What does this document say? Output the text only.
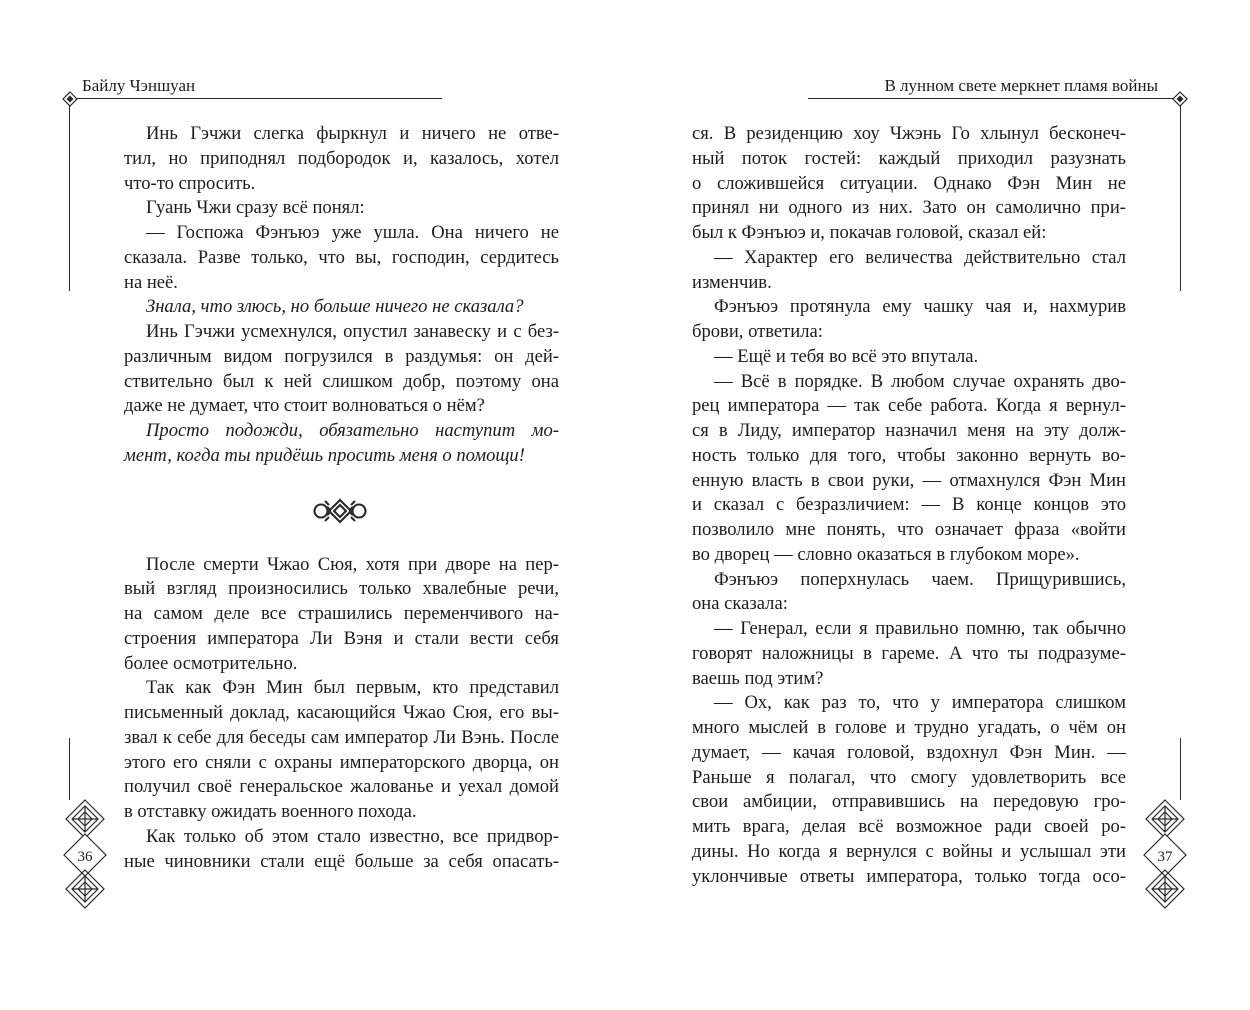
Байлу Чэншуан	В лунном свете меркнет пламя войны
Инь Гэчжи слегка фыркнул и ничего не отве-
тил, но приподнял подбородок и, казалось, хотел
что-то спросить.
Гуань Чжи сразу всё понял:
— Госпожа Фэнъюэ уже ушла. Она ничего не
сказала. Разве только, что вы, господин, сердитесь
на неё.
Знала, что злюсь, но больше ничего не сказала?
Инь Гэчжи усмехнулся, опустил занавеску и с без-
различным видом погрузился в раздумья: он дей-
ствительно был к ней слишком добр, поэтому она
даже не думает, что стоит волноваться о нём?
Просто подожди, обязательно наступит мо-
мент, когда ты придёшь просить меня о помощи!
После смерти Чжао Сюя, хотя при дворе на пер-
вый взгляд произносились только хвалебные речи,
на самом деле все страшились переменчивого на-
строения императора Ли Вэня и стали вести себя
более осмотрительно.
Так как Фэн Мин был первым, кто представил
письменный доклад, касающийся Чжао Сюя, его вы-
звал к себе для беседы сам император Ли Вэнь. После
этого его сняли с охраны императорского дворца, он
получил своё генеральское жалованье и уехал домой
в отставку ожидать военного похода.
Как только об этом стало известно, все придвор-
ные чиновники стали ещё больше за себя опасать-
ся. В резиденцию хоу Чжэнь Го хлынул бесконеч-
ный поток гостей: каждый приходил разузнать
о сложившейся ситуации. Однако Фэн Мин не
принял ни одного из них. Зато он самолично при-
был к Фэнъюэ и, покачав головой, сказал ей:
— Характер его величества действительно стал
изменчив.
Фэнъюэ протянула ему чашку чая и, нахмурив
брови, ответила:
— Ещё и тебя во всё это впутала.
— Всё в порядке. В любом случае охранять дво-
рец императора — так себе работа. Когда я вернул-
ся в Лиду, император назначил меня на эту долж-
ность только для того, чтобы законно вернуть во-
енную власть в свои руки, — отмахнулся Фэн Мин
и сказал с безразличием: — В конце концов это
позволило мне понять, что означает фраза «войти
во дворец — словно оказаться в глубоком море».
Фэнъюэ поперхнулась чаем. Прищурившись,
она сказала:
— Генерал, если я правильно помню, так обычно
говорят наложницы в гареме. А что ты подразуме-
ваешь под этим?
— Ох, как раз то, что у императора слишком
много мыслей в голове и трудно угадать, о чём он
думает, — качая головой, вздохнул Фэн Мин. —
Раньше я полагал, что смогу удовлетворить все
свои амбиции, отправившись на передовую гро-
мить врага, делая всё возможное ради своей ро-
дины. Но когда я вернулся с войны и услышал эти
уклончивые ответы императора, только тогда осо-
36	37
